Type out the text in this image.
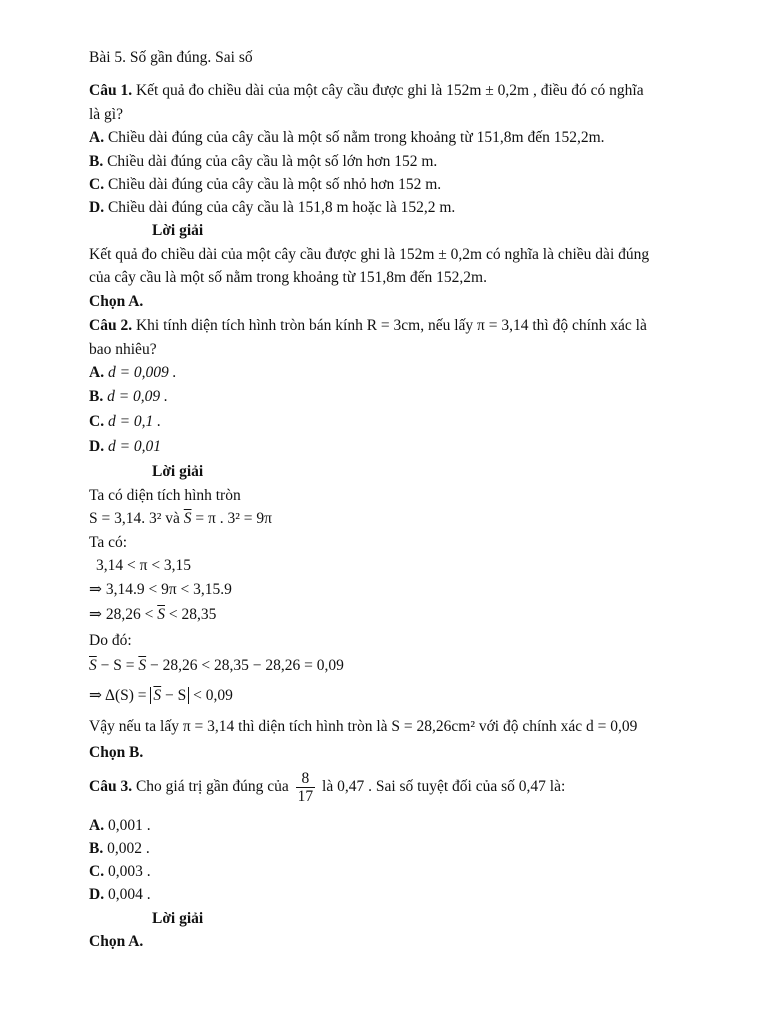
Bài 5. Số gần đúng. Sai số
Câu 1. Kết quả đo chiều dài của một cây cầu được ghi là 152m ± 0,2m , điều đó có nghĩa
là gì?
A. Chiều dài đúng của cây cầu là một số nằm trong khoảng từ 151,8m đến 152,2m.
B. Chiều dài đúng của cây cầu là một số lớn hơn 152 m.
C. Chiều dài đúng của cây cầu là một số nhỏ hơn 152 m.
D. Chiều dài đúng của cây cầu là 151,8 m hoặc là 152,2 m.
Lời giải
Kết quả đo chiều dài của một cây cầu được ghi là 152m ± 0,2m có nghĩa là chiều dài đúng
của cây cầu là một số nằm trong khoảng từ 151,8m đến 152,2m.
Chọn A.
Câu 2. Khi tính diện tích hình tròn bán kính R = 3cm, nếu lấy π = 3,14 thì độ chính xác là
bao nhiêu?
A. d = 0,009 .
B. d = 0,09 .
C. d = 0,1 .
D. d = 0,01
Lời giải
Ta có diện tích hình tròn
S = 3,14. 3² và $\overline{S} = \pi$ . 3² = 9π
Ta có:
3,14 < π < 3,15
⇒ 3,14.9 < 9π < 3,15.9
⇒ $28,26 < \overline{S} < 28,35$
Do đó:
$\overline{S} - S = \overline{S} - 28,26 < 28,35 - 28,26 = 0,09$
⇒ $\Delta(S) = \overline{S} - S < 0,09$
Vậy nếu ta lấy π = 3,14 thì diện tích hình tròn là S = 28,26cm² với độ chính xác d = 0,09
Chọn B.
Câu 3. Cho giá trị gần đúng của $\frac{8}{17}$ là 0,47 . Sai số tuyệt đối của số 0,47 là:
A. 0,001 .
B. 0,002 .
C. 0,003 .
D. 0,004 .
Lời giải
Chọn A.
